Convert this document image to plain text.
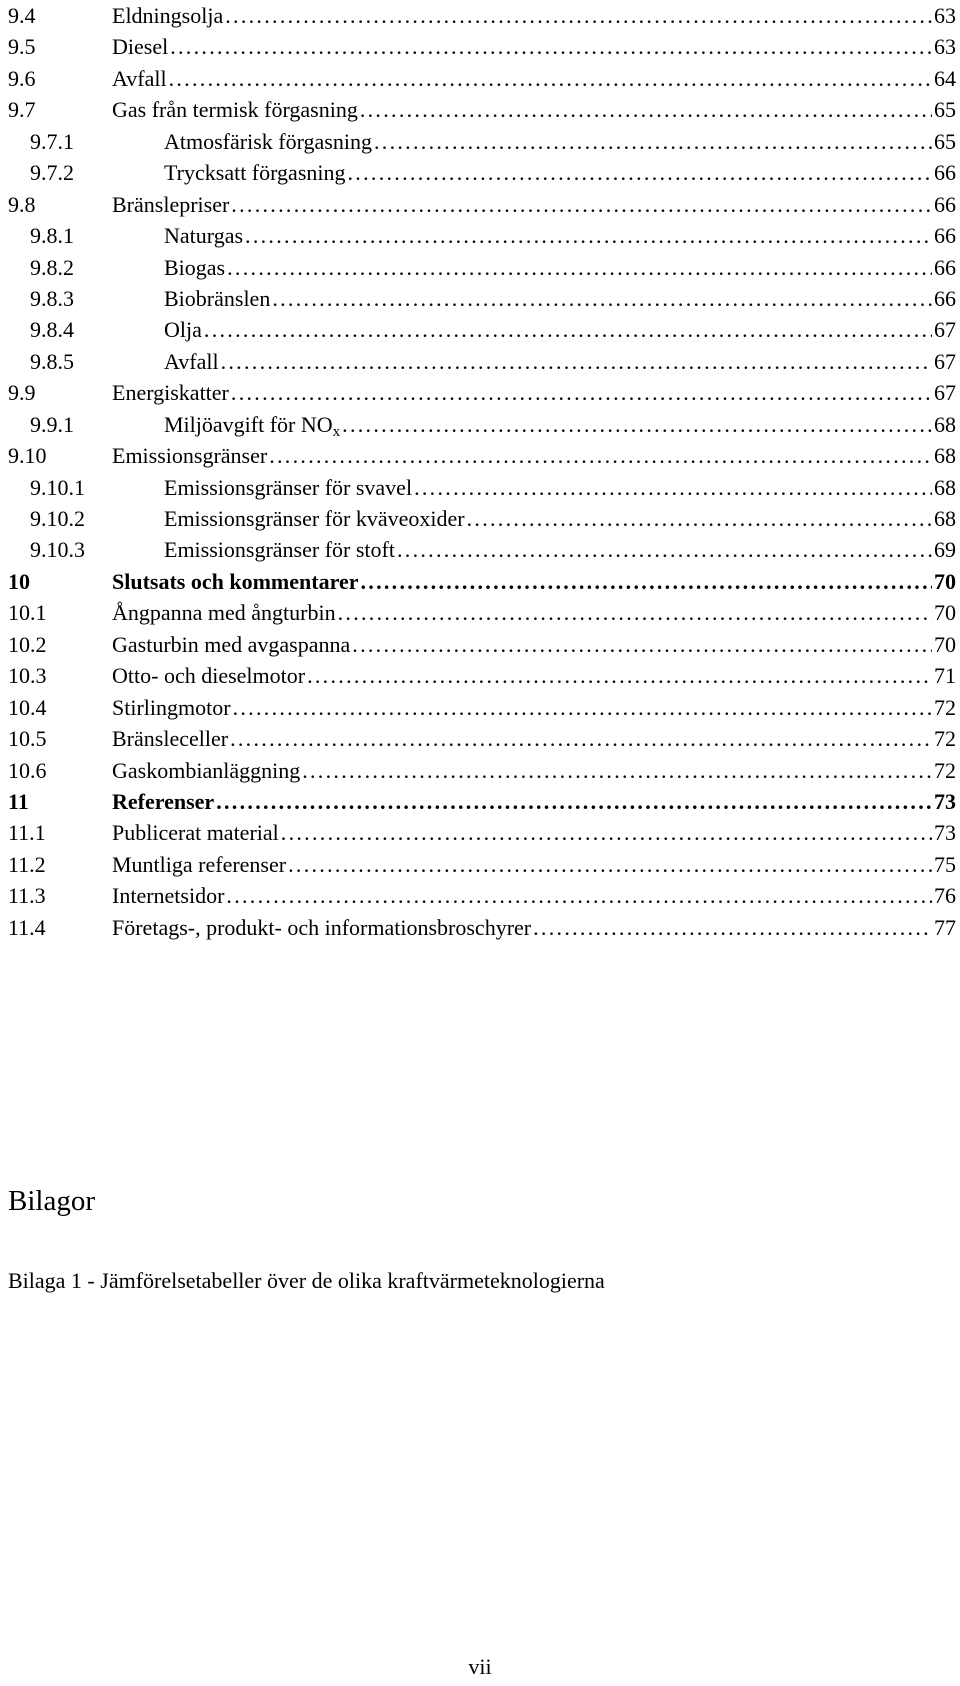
9.4	Eldningsolja . . .	63
9.5	Diesel . . .	63
9.6	Avfall . . .	64
9.7	Gas från termisk förgasning . . .	65
9.7.1	Atmosfärisk förgasning . . .	65
9.7.2	Trycksatt förgasning . . .	66
9.8	Bränslepriser . . .	66
9.8.1	Naturgas . . .	66
9.8.2	Biogas . . .	66
9.8.3	Biobränslen . . .	66
9.8.4	Olja . . .	67
9.8.5	Avfall . . .	67
9.9	Energiskatter . . .	67
9.9.1	Miljöavgift för $NO_x$ . . .	68
9.10	Emissionsgränser . . .	68
9.10.1	Emissionsgränser för svavel . . .	68
9.10.2	Emissionsgränser för kväveoxider . . .	68
9.10.3	Emissionsgränser för stoft . . .	69
10	Slutsats och kommentarer . . .	70
10.1	Ångpanna med ångturbin . . .	70
10.2	Gasturbin med avgaspanna . . .	70
10.3	Otto- och dieselmotor . . .	71
10.4	Stirlingmotor . . .	72
10.5	Bränsleceller . . .	72
10.6	Gaskombianläggning . . .	72
11	Referenser . . .	73
11.1	Publicerat material . . .	73
11.2	Muntliga referenser . . .	75
11.3	Internetsidor . . .	76
11.4	Företags-, produkt- och informationsbroschyrer . . .	77
Bilagor
Bilaga 1 - Jämförelsetabeller över de olika kraftvärmeteknologierna
vii
